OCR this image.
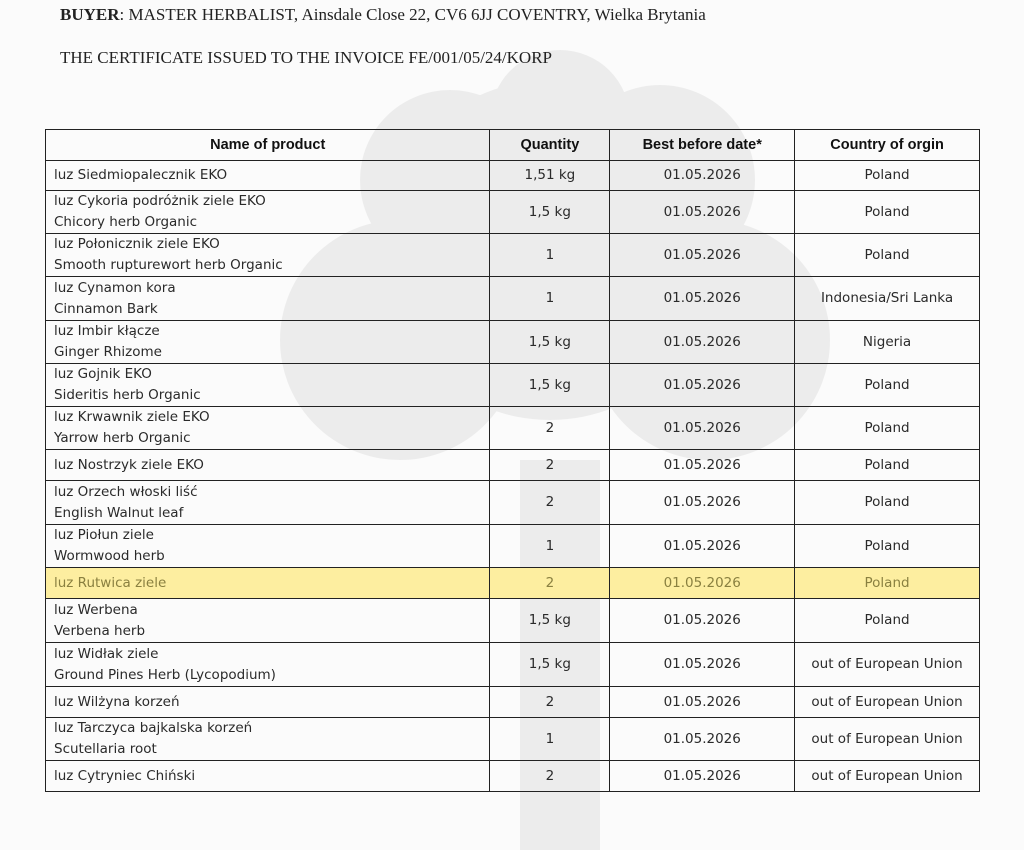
BUYER: MASTER HERBALIST, Ainsdale Close 22, CV6 6JJ COVENTRY, Wielka Brytania
THE CERTIFICATE ISSUED TO THE INVOICE FE/001/05/24/KORP
Name of product	Quantity	Best before date*	Country of orgin

luz Siedmiopalecznik EKO	1,51 kg	01.05.2026	Poland

luz Cykoria podróżnik ziele EKO
Chicory herb Organic	1,5 kg	01.05.2026	Poland

luz Połonicznik ziele EKO
Smooth rupturewort herb Organic	1	01.05.2026	Poland

luz Cynamon kora
Cinnamon Bark	1	01.05.2026	Indonesia/Sri Lanka

luz Imbir kłącze
Ginger Rhizome	1,5 kg	01.05.2026	Nigeria

luz Gojnik EKO
Sideritis herb Organic	1,5 kg	01.05.2026	Poland

luz Krwawnik ziele EKO
Yarrow herb Organic	2	01.05.2026	Poland

luz Nostrzyk ziele EKO	2	01.05.2026	Poland

luz Orzech włoski liść
English Walnut leaf	2	01.05.2026	Poland

luz Piołun ziele
Wormwood herb	1	01.05.2026	Poland

luz Rutwica ziele	2	01.05.2026	Poland

luz Werbena
Verbena herb	1,5 kg	01.05.2026	Poland

luz Widłak ziele
Ground Pines Herb (Lycopodium)	1,5 kg	01.05.2026	out of European Union

luz Wilżyna korzeń	2	01.05.2026	out of European Union

luz Tarczyca bajkalska korzeń
Scutellaria root	1	01.05.2026	out of European Union

luz Cytryniec Chiński	2	01.05.2026	out of European Union
